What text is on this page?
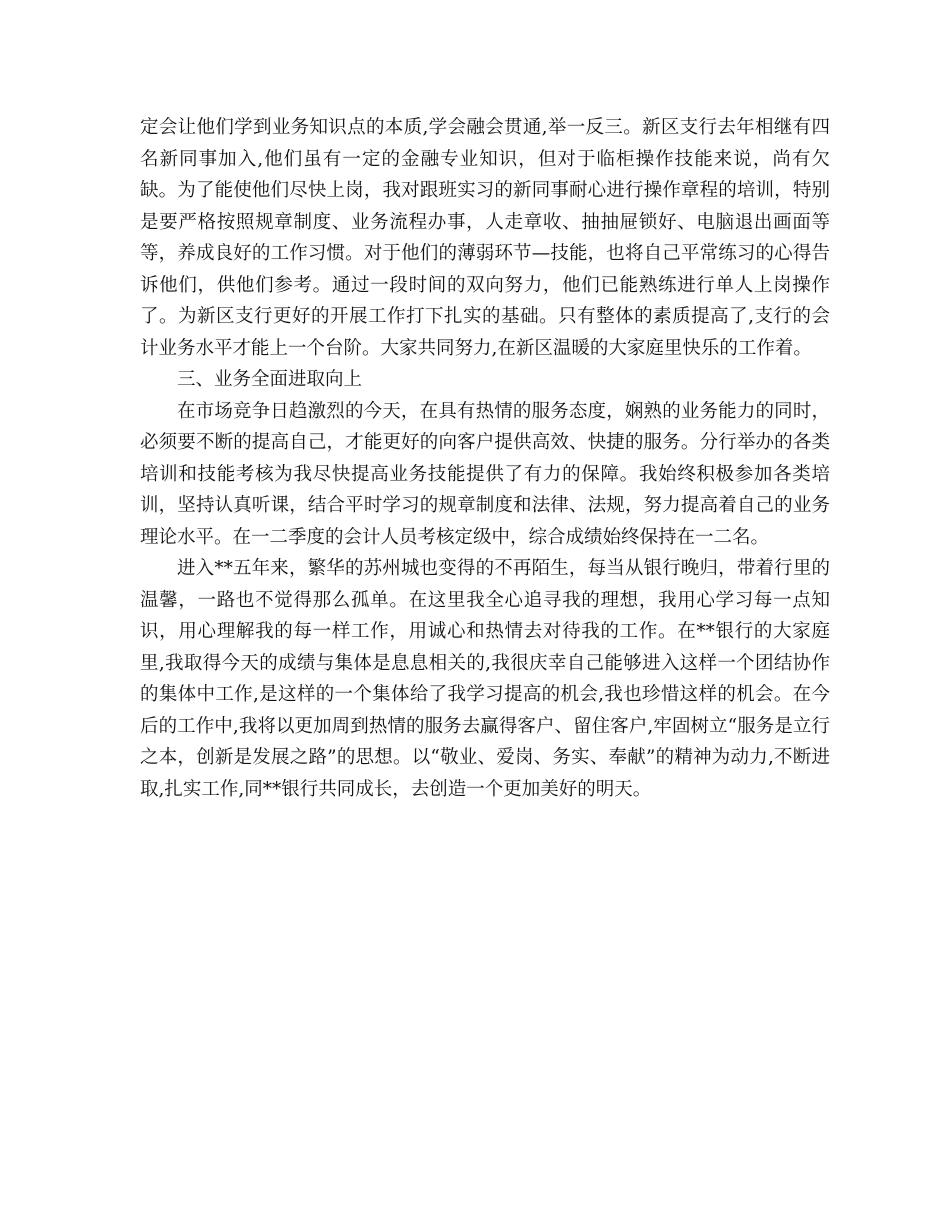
定会让他们学到业务知识点的本质,学会融会贯通,举一反三。新区支行去年相继有四名新同事加入,他们虽有一定的金融专业知识，但对于临柜操作技能来说，尚有欠缺。为了能使他们尽快上岗，我对跟班实习的新同事耐心进行操作章程的培训，特别是要严格按照规章制度、业务流程办事，人走章收、抽抽屉锁好、电脑退出画面等等，养成良好的工作习惯。对于他们的薄弱环节—技能，也将自己平常练习的心得告诉他们，供他们参考。通过一段时间的双向努力，他们已能熟练进行单人上岗操作了。为新区支行更好的开展工作打下扎实的基础。只有整体的素质提高了,支行的会计业务水平才能上一个台阶。大家共同努力,在新区温暖的大家庭里快乐的工作着。

三、业务全面进取向上

在市场竞争日趋激烈的今天，在具有热情的服务态度，娴熟的业务能力的同时，必须要不断的提高自己，才能更好的向客户提供高效、快捷的服务。分行举办的各类培训和技能考核为我尽快提高业务技能提供了有力的保障。我始终积极参加各类培训，坚持认真听课，结合平时学习的规章制度和法律、法规，努力提高着自己的业务理论水平。在一二季度的会计人员考核定级中，综合成绩始终保持在一二名。

进入**五年来，繁华的苏州城也变得的不再陌生，每当从银行晚归，带着行里的温馨，一路也不觉得那么孤单。在这里我全心追寻我的理想，我用心学习每一点知识，用心理解我的每一样工作，用诚心和热情去对待我的工作。在**银行的大家庭里,我取得今天的成绩与集体是息息相关的,我很庆幸自己能够进入这样一个团结协作的集体中工作,是这样的一个集体给了我学习提高的机会,我也珍惜这样的机会。在今后的工作中,我将以更加周到热情的服务去赢得客户、留住客户,牢固树立“服务是立行之本，创新是发展之路”的思想。以“敬业、爱岗、务实、奉献”的精神为动力,不断进取,扎实工作,同**银行共同成长，去创造一个更加美好的明天。
